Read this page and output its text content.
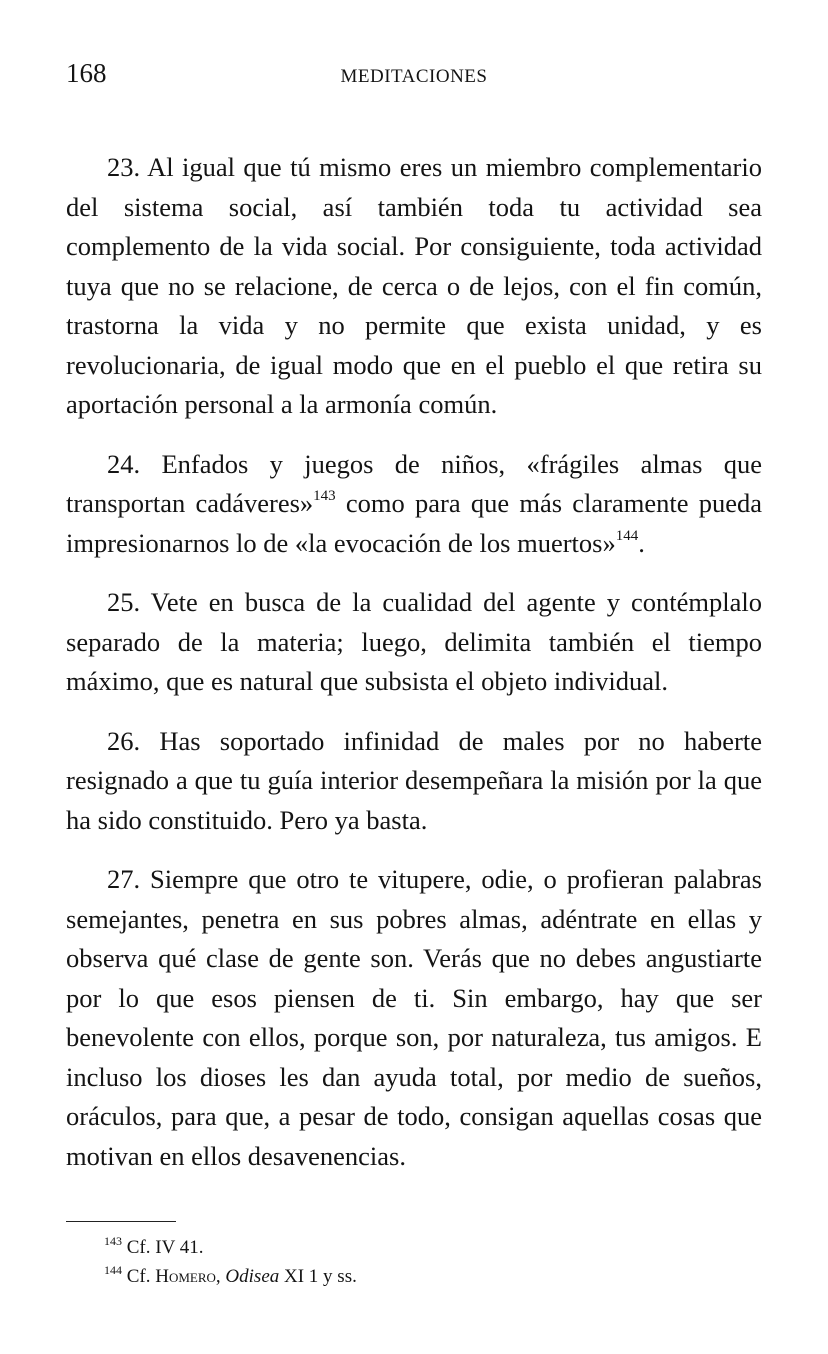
168	MEDITACIONES

23. Al igual que tú mismo eres un miembro complementario del sistema social, así también toda tu actividad sea complemento de la vida social. Por consiguiente, toda actividad tuya que no se relacione, de cerca o de lejos, con el fin común, trastorna la vida y no permite que exista unidad, y es revolucionaria, de igual modo que en el pueblo el que retira su aportación personal a la armonía común.

24. Enfados y juegos de niños, «frágiles almas que transportan cadáveres»$^{143}$ como para que más claramente pueda impresionarnos lo de «la evocación de los muertos»$^{144}$.

25. Vete en busca de la cualidad del agente y contémplalo separado de la materia; luego, delimita también el tiempo máximo, que es natural que subsista el objeto individual.

26. Has soportado infinidad de males por no haberte resignado a que tu guía interior desempeñara la misión por la que ha sido constituido. Pero ya basta.

27. Siempre que otro te vitupere, odie, o profieran palabras semejantes, penetra en sus pobres almas, adéntrate en ellas y observa qué clase de gente son. Verás que no debes angustiarte por lo que esos piensen de ti. Sin embargo, hay que ser benevolente con ellos, porque son, por naturaleza, tus amigos. E incluso los dioses les dan ayuda total, por medio de sueños, oráculos, para que, a pesar de todo, consigan aquellas cosas que motivan en ellos desavenencias.

$^{143}$ Cf. IV 41.
$^{144}$ Cf. Homero, Odisea XI 1 y ss.
